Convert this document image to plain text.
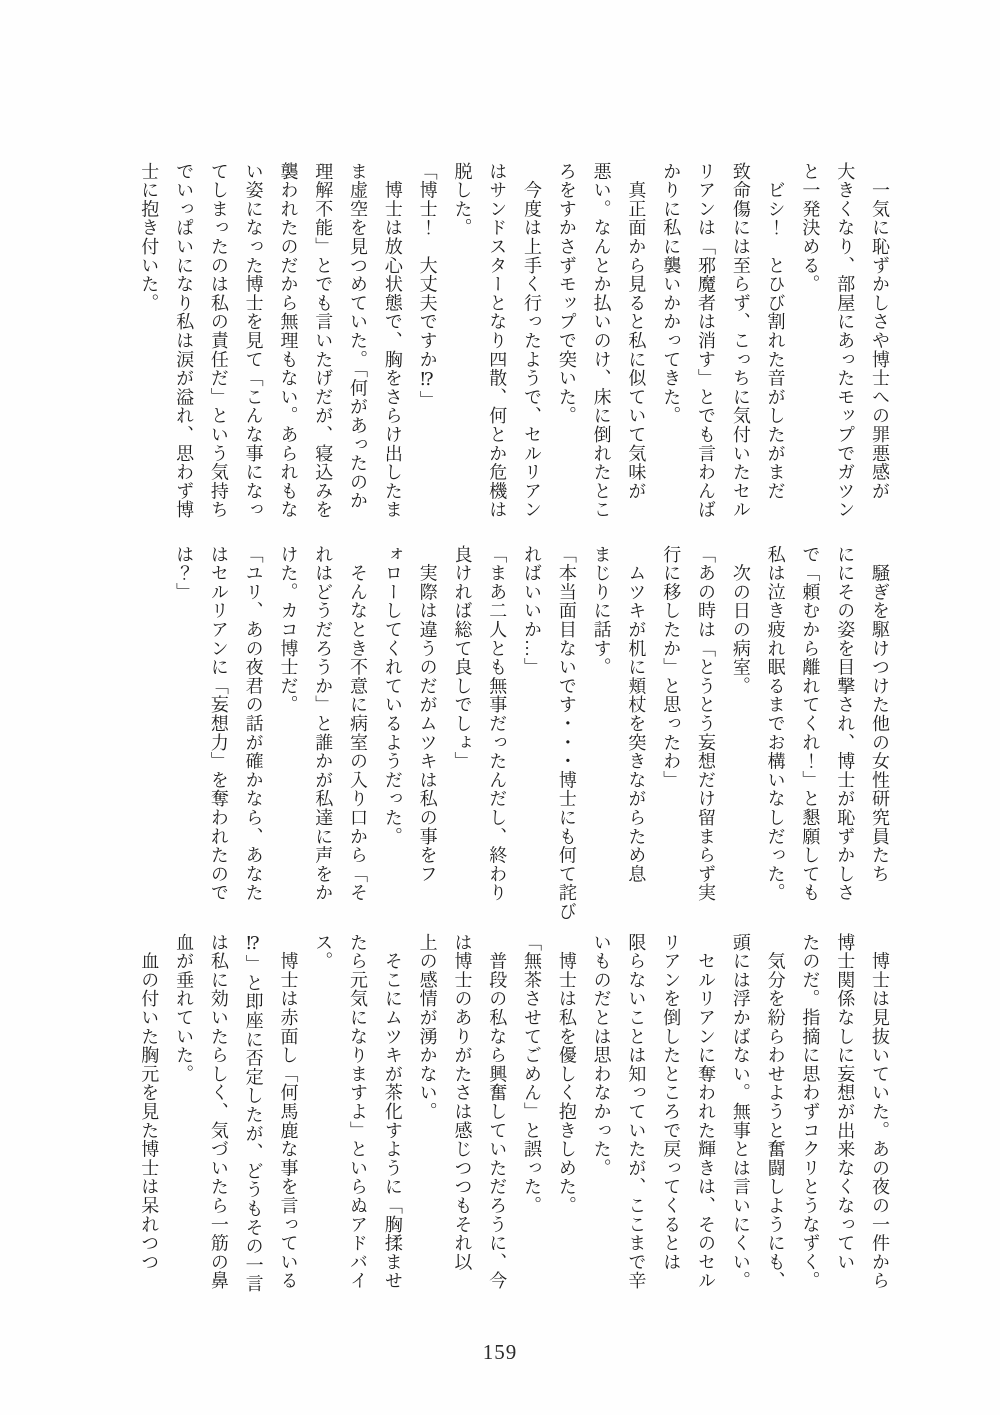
　一気に恥ずかしさや博士への罪悪感が
大きくなり、部屋にあったモップでガツン
と一発決める。
　ビシ！　とひび割れた音がしたがまだ
致命傷には至らず、こっちに気付いたセル
リアンは「邪魔者は消す」とでも言わんば
かりに私に襲いかかってきた。
　真正面から見ると私に似ていて気味が
悪い。なんとか払いのけ、床に倒れたとこ
ろをすかさずモップで突いた。
　今度は上手く行ったようで、セルリアン
はサンドスターとなり四散、何とか危機は
脱した。
「博士！　大丈夫ですか⁉」
　博士は放心状態で、胸をさらけ出したま
ま虚空を見つめていた。「何があったのか
理解不能」とでも言いたげだが、寝込みを
襲われたのだから無理もない。あられもな
い姿になった博士を見て「こんな事になっ
てしまったのは私の責任だ」という気持ち
でいっぱいになり私は涙が溢れ、思わず博
士に抱き付いた。
　騒ぎを駆けつけた他の女性研究員たち
ににその姿を目撃され、博士が恥ずかしさ
で「頼むから離れてくれ！」と懇願しても
私は泣き疲れ眠るまでお構いなしだった。
　次の日の病室。
「あの時は「とうとう妄想だけ留まらず実
行に移したか」と思ったわ」
　ムツキが机に頬杖を突きながらため息
まじりに話す。
「本当面目ないです・・・博士にも何て詫び
ればいいか…」
「まあ二人とも無事だったんだし、終わり
良ければ総て良しでしょ」
　実際は違うのだがムツキは私の事をフ
ォローしてくれているようだった。
　そんなとき不意に病室の入り口から「そ
れはどうだろうか」と誰かが私達に声をか
けた。カコ博士だ。
「ユリ、あの夜君の話が確かなら、あなた
はセルリアンに「妄想力」を奪われたので
は？」
　博士は見抜いていた。あの夜の一件から
博士関係なしに妄想が出来なくなってい
たのだ。指摘に思わずコクリとうなずく。
　気分を紛らわせようと奮闘しようにも、
頭には浮かばない。無事とは言いにくい。
　セルリアンに奪われた輝きは、そのセル
リアンを倒したところで戻ってくるとは
限らないことは知っていたが、ここまで辛
いものだとは思わなかった。
　博士は私を優しく抱きしめた。
「無茶させてごめん」と誤った。
　普段の私なら興奮していただろうに、今
は博士のありがたさは感じつつもそれ以
上の感情が湧かない。
　そこにムツキが茶化すように「胸揉ませ
たら元気になりますよ」といらぬアドバイ
ス。
　博士は赤面し「何馬鹿な事を言っている
⁉」と即座に否定したが、どうもその一言
は私に効いたらしく、気づいたら一筋の鼻
血が垂れていた。
　血の付いた胸元を見た博士は呆れつつ
159
